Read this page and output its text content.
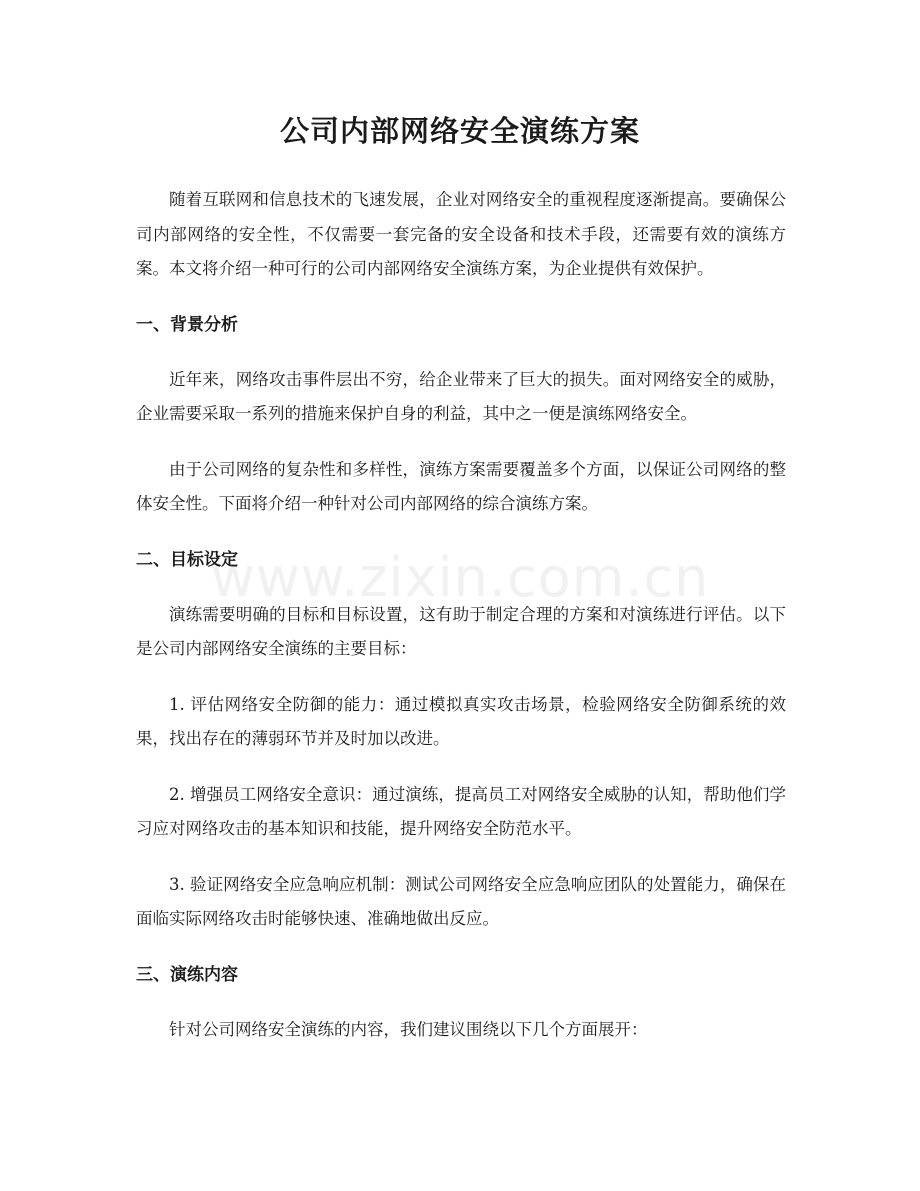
公司内部网络安全演练方案

随着互联网和信息技术的飞速发展，企业对网络安全的重视程度逐渐提高。要确保公司内部网络的安全性，不仅需要一套完备的安全设备和技术手段，还需要有效的演练方案。本文将介绍一种可行的公司内部网络安全演练方案，为企业提供有效保护。

一、背景分析

近年来，网络攻击事件层出不穷，给企业带来了巨大的损失。面对网络安全的威胁，企业需要采取一系列的措施来保护自身的利益，其中之一便是演练网络安全。

由于公司网络的复杂性和多样性，演练方案需要覆盖多个方面，以保证公司网络的整体安全性。下面将介绍一种针对公司内部网络的综合演练方案。

二、目标设定

演练需要明确的目标和目标设置，这有助于制定合理的方案和对演练进行评估。以下是公司内部网络安全演练的主要目标：

1. 评估网络安全防御的能力：通过模拟真实攻击场景，检验网络安全防御系统的效果，找出存在的薄弱环节并及时加以改进。

2. 增强员工网络安全意识：通过演练，提高员工对网络安全威胁的认知，帮助他们学习应对网络攻击的基本知识和技能，提升网络安全防范水平。

3. 验证网络安全应急响应机制：测试公司网络安全应急响应团队的处置能力，确保在面临实际网络攻击时能够快速、准确地做出反应。

三、演练内容

针对公司网络安全演练的内容，我们建议围绕以下几个方面展开：

www.zixin.com.cn
